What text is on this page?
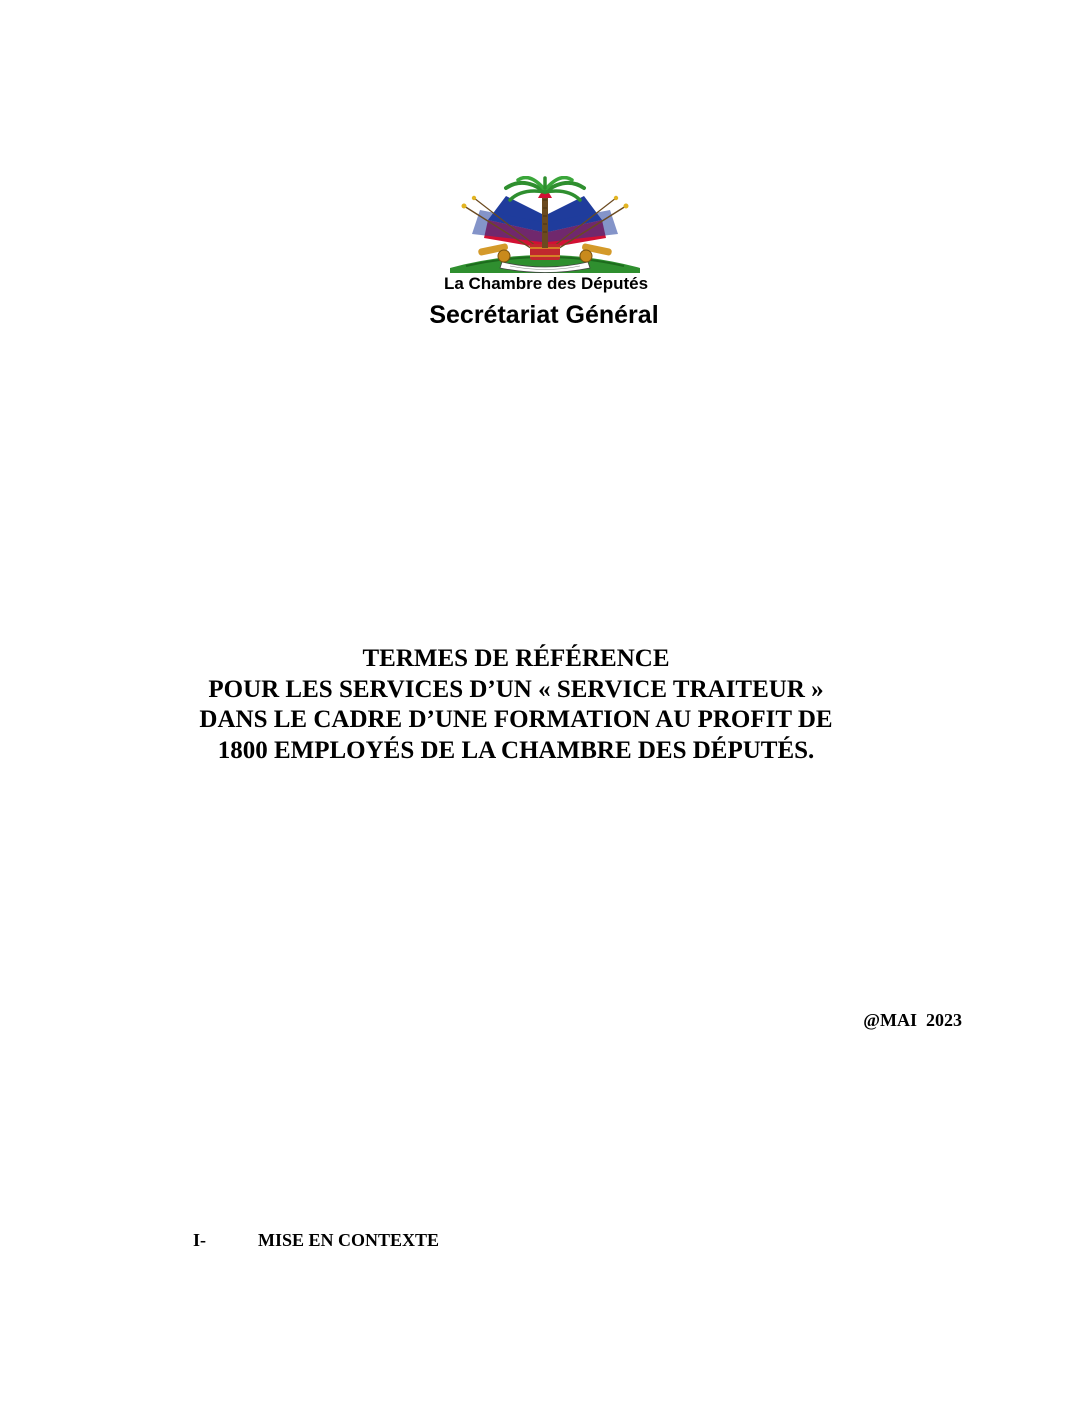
La Chambre des Députés
Secrétariat Général
TERMES DE RÉFÉRENCE
POUR LES SERVICES D’UN « SERVICE TRAITEUR »
DANS LE CADRE D’UNE FORMATION AU PROFIT DE
1800 EMPLOYÉS DE LA CHAMBRE DES DÉPUTÉS.
@MAI  2023
I-	MISE EN CONTEXTE
